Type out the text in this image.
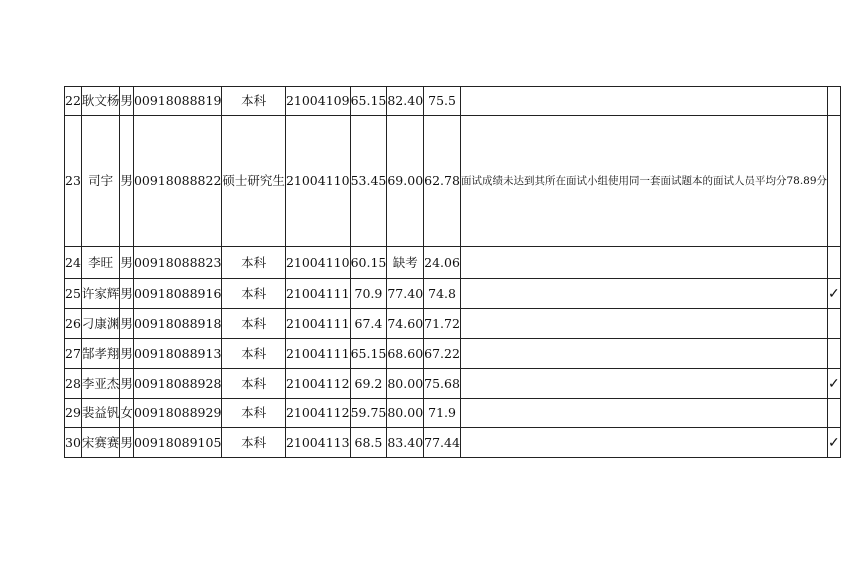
22	耿文杨	男	00918088819	本科	21004109	65.15	82.40	75.5		
23	司宇	男	00918088822	硕士研究生	21004110	53.45	69.00	62.78	面试成绩未达到其所在面试小组使用同一套面试题本的面试人员平均分78.89分	
24	李旺	男	00918088823	本科	21004110	60.15	缺考	24.06		
25	许家辉	男	00918088916	本科	21004111	70.9	77.40	74.8		✓
26	刁康渊	男	00918088918	本科	21004111	67.4	74.60	71.72		
27	郜孝翔	男	00918088913	本科	21004111	65.15	68.60	67.22		
28	李亚杰	男	00918088928	本科	21004112	69.2	80.00	75.68		✓
29	裴益钒	女	00918088929	本科	21004112	59.75	80.00	71.9		
30	宋赛赛	男	00918089105	本科	21004113	68.5	83.40	77.44		✓
